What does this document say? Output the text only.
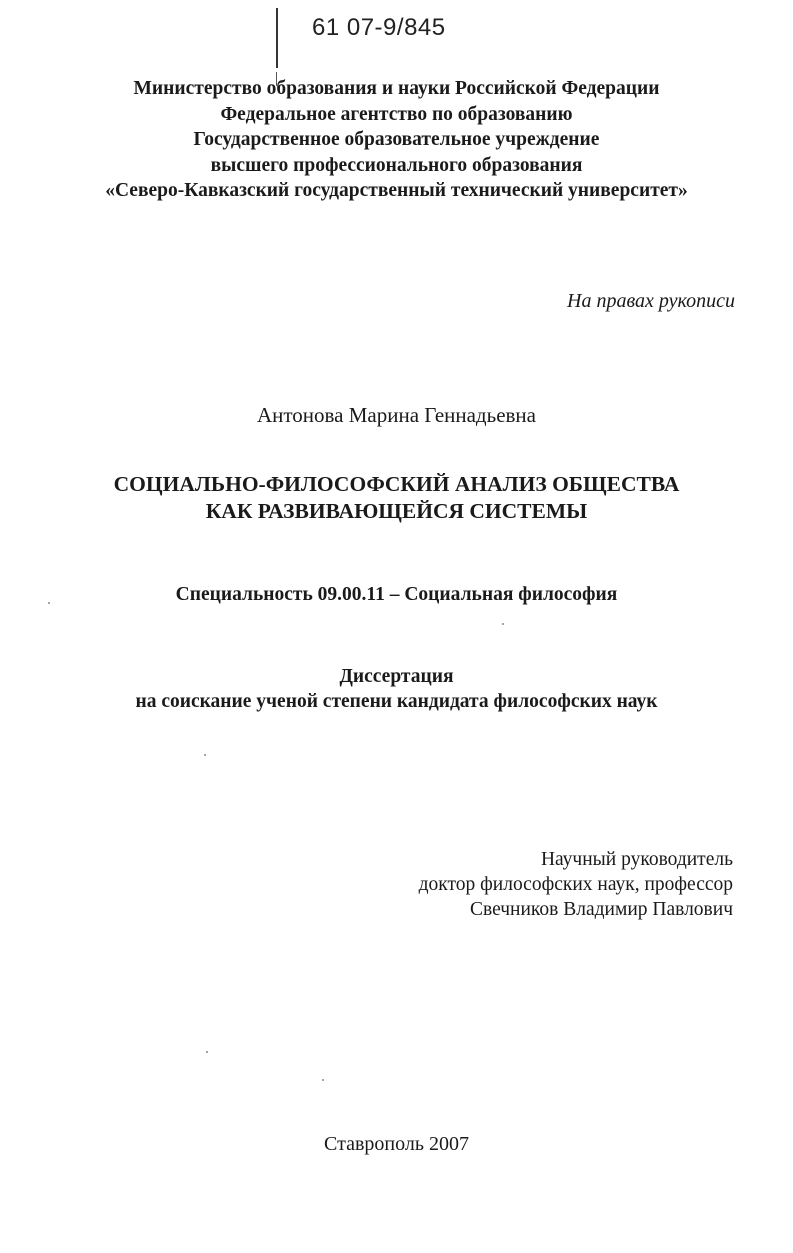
61 07-9/845
Министерство образования и науки Российской Федерации
Федеральное агентство по образованию
Государственное образовательное учреждение
высшего профессионального образования
«Северо-Кавказский государственный технический университет»
На правах рукописи
Антонова Марина Геннадьевна
СОЦИАЛЬНО-ФИЛОСОФСКИЙ АНАЛИЗ ОБЩЕСТВА
КАК РАЗВИВАЮЩЕЙСЯ СИСТЕМЫ
Специальность 09.00.11 – Социальная философия
Диссертация
на соискание ученой степени кандидата философских наук
Научный руководитель
доктор философских наук, профессор
Свечников Владимир Павлович
Ставрополь 2007
